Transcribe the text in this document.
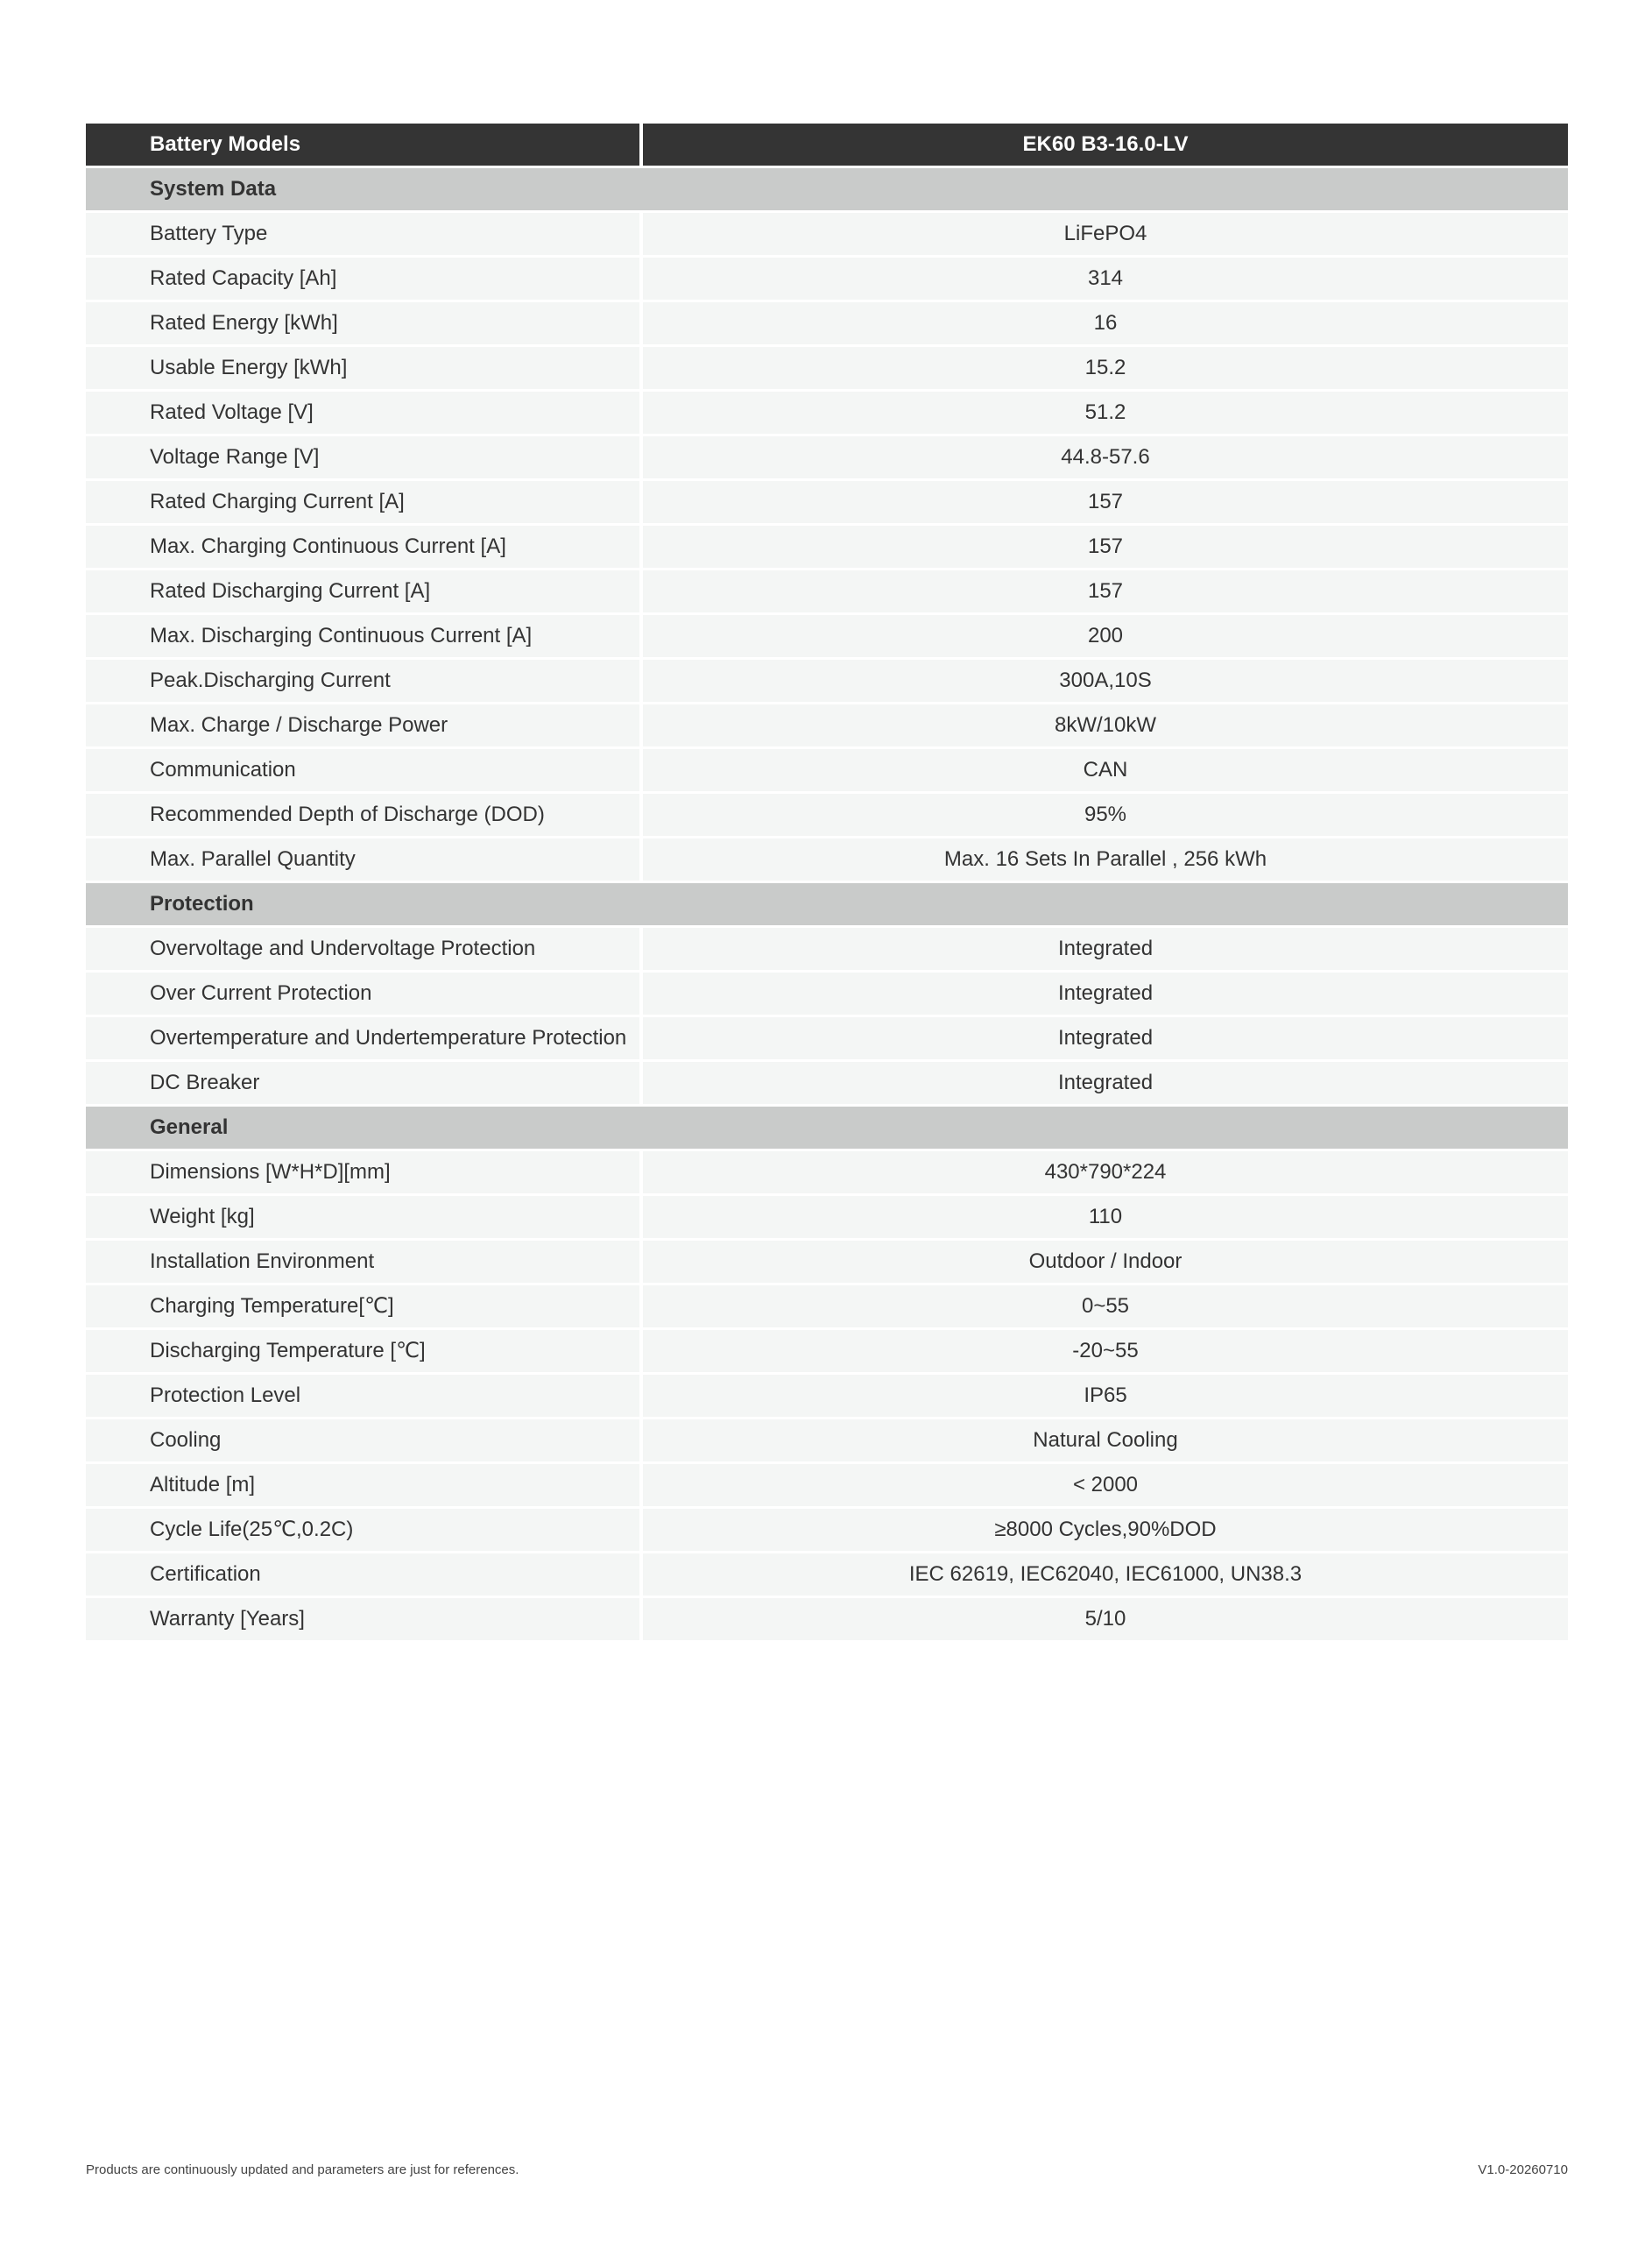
Battery Models	EK60 B3-16.0-LV
System Data	
Battery Type	LiFePO4
Rated Capacity [Ah]	314
Rated Energy [kWh]	16
Usable Energy [kWh]	15.2
Rated Voltage [V]	51.2
Voltage Range [V]	44.8-57.6
Rated Charging Current [A]	157
Max. Charging Continuous Current [A]	157
Rated Discharging Current [A]	157
Max. Discharging Continuous Current [A]	200
Peak.Discharging Current	300A,10S
Max. Charge / Discharge Power	8kW/10kW
Communication	CAN
Recommended Depth of Discharge (DOD)	95%
Max. Parallel Quantity	Max. 16 Sets In Parallel , 256 kWh
Protection	
Overvoltage and Undervoltage Protection	Integrated
Over Current Protection	Integrated
Overtemperature and Undertemperature Protection	Integrated
DC Breaker	Integrated
General	
Dimensions [W*H*D][mm]	430*790*224
Weight [kg]	110
Installation Environment	Outdoor / Indoor
Charging Temperature[℃]	0~55
Discharging Temperature [℃]	-20~55
Protection Level	IP65
Cooling	Natural Cooling
Altitude [m]	< 2000
Cycle Life(25℃,0.2C)	≥8000 Cycles,90%DOD
Certification	IEC 62619, IEC62040, IEC61000, UN38.3
Warranty [Years]	5/10
Products are continuously updated and parameters are just for references.	V1.0-20260710
